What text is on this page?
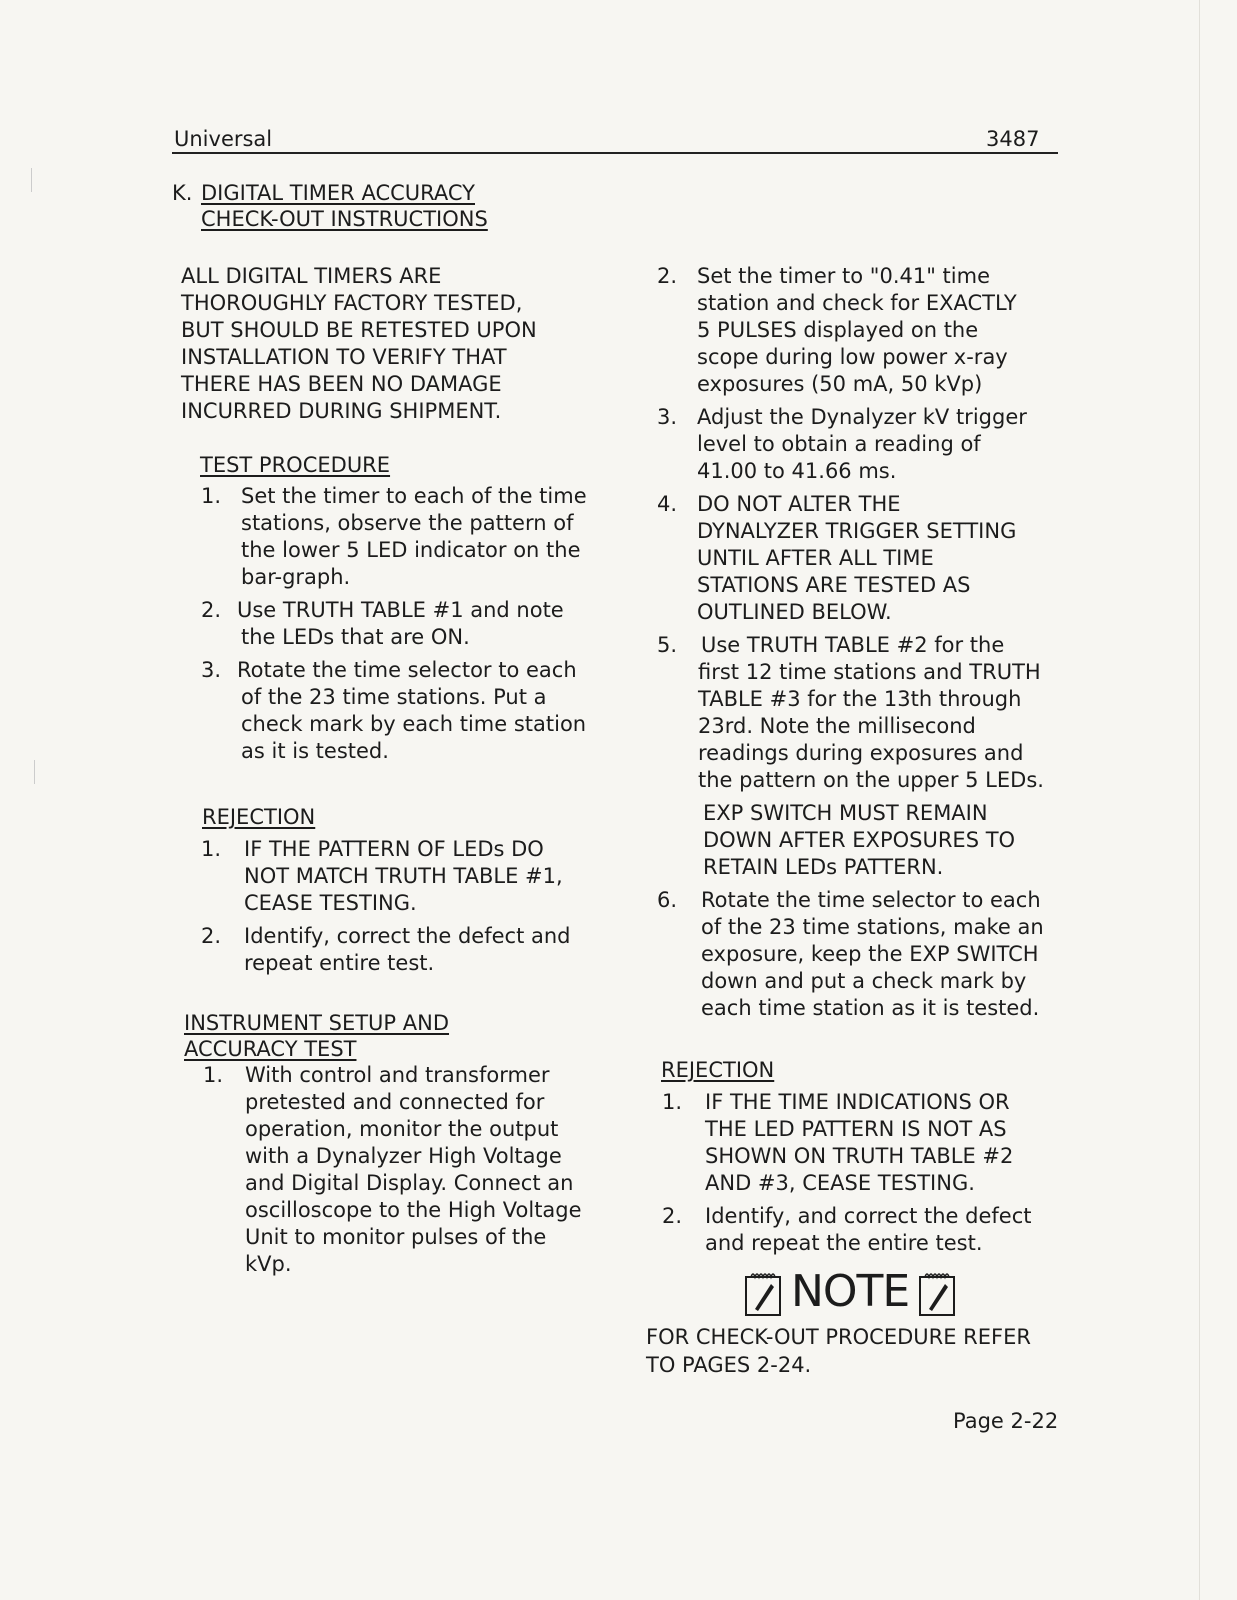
Universal	3487
K. DIGITAL TIMER ACCURACY
CHECK-OUT INSTRUCTIONS
ALL DIGITAL TIMERS ARE
THOROUGHLY FACTORY TESTED,
BUT SHOULD BE RETESTED UPON
INSTALLATION TO VERIFY THAT
THERE HAS BEEN NO DAMAGE
INCURRED DURING SHIPMENT.
TEST PROCEDURE
1. Set the timer to each of the time
stations, observe the pattern of
the lower 5 LED indicator on the
bar-graph.
2. Use TRUTH TABLE #1 and note
the LEDs that are ON.
3. Rotate the time selector to each
of the 23 time stations. Put a
check mark by each time station
as it is tested.
REJECTION
1. IF THE PATTERN OF LEDs DO
NOT MATCH TRUTH TABLE #1,
CEASE TESTING.
2. Identify, correct the defect and
repeat entire test.
INSTRUMENT SETUP AND
ACCURACY TEST
1. With control and transformer
pretested and connected for
operation, monitor the output
with a Dynalyzer High Voltage
and Digital Display. Connect an
oscilloscope to the High Voltage
Unit to monitor pulses of the
kVp.
2. Set the timer to "0.41" time
station and check for EXACTLY
5 PULSES displayed on the
scope during low power x-ray
exposures (50 mA, 50 kVp)
3. Adjust the Dynalyzer kV trigger
level to obtain a reading of
41.00 to 41.66 ms.
4. DO NOT ALTER THE
DYNALYZER TRIGGER SETTING
UNTIL AFTER ALL TIME
STATIONS ARE TESTED AS
OUTLINED BELOW.
5. Use TRUTH TABLE #2 for the
first 12 time stations and TRUTH
TABLE #3 for the 13th through
23rd. Note the millisecond
readings during exposures and
the pattern on the upper 5 LEDs.
EXP SWITCH MUST REMAIN
DOWN AFTER EXPOSURES TO
RETAIN LEDs PATTERN.
6. Rotate the time selector to each
of the 23 time stations, make an
exposure, keep the EXP SWITCH
down and put a check mark by
each time station as it is tested.
REJECTION
1. IF THE TIME INDICATIONS OR
THE LED PATTERN IS NOT AS
SHOWN ON TRUTH TABLE #2
AND #3, CEASE TESTING.
2. Identify, and correct the defect
and repeat the entire test.
NOTE
FOR CHECK-OUT PROCEDURE REFER
TO PAGES 2-24.
Page 2-22
